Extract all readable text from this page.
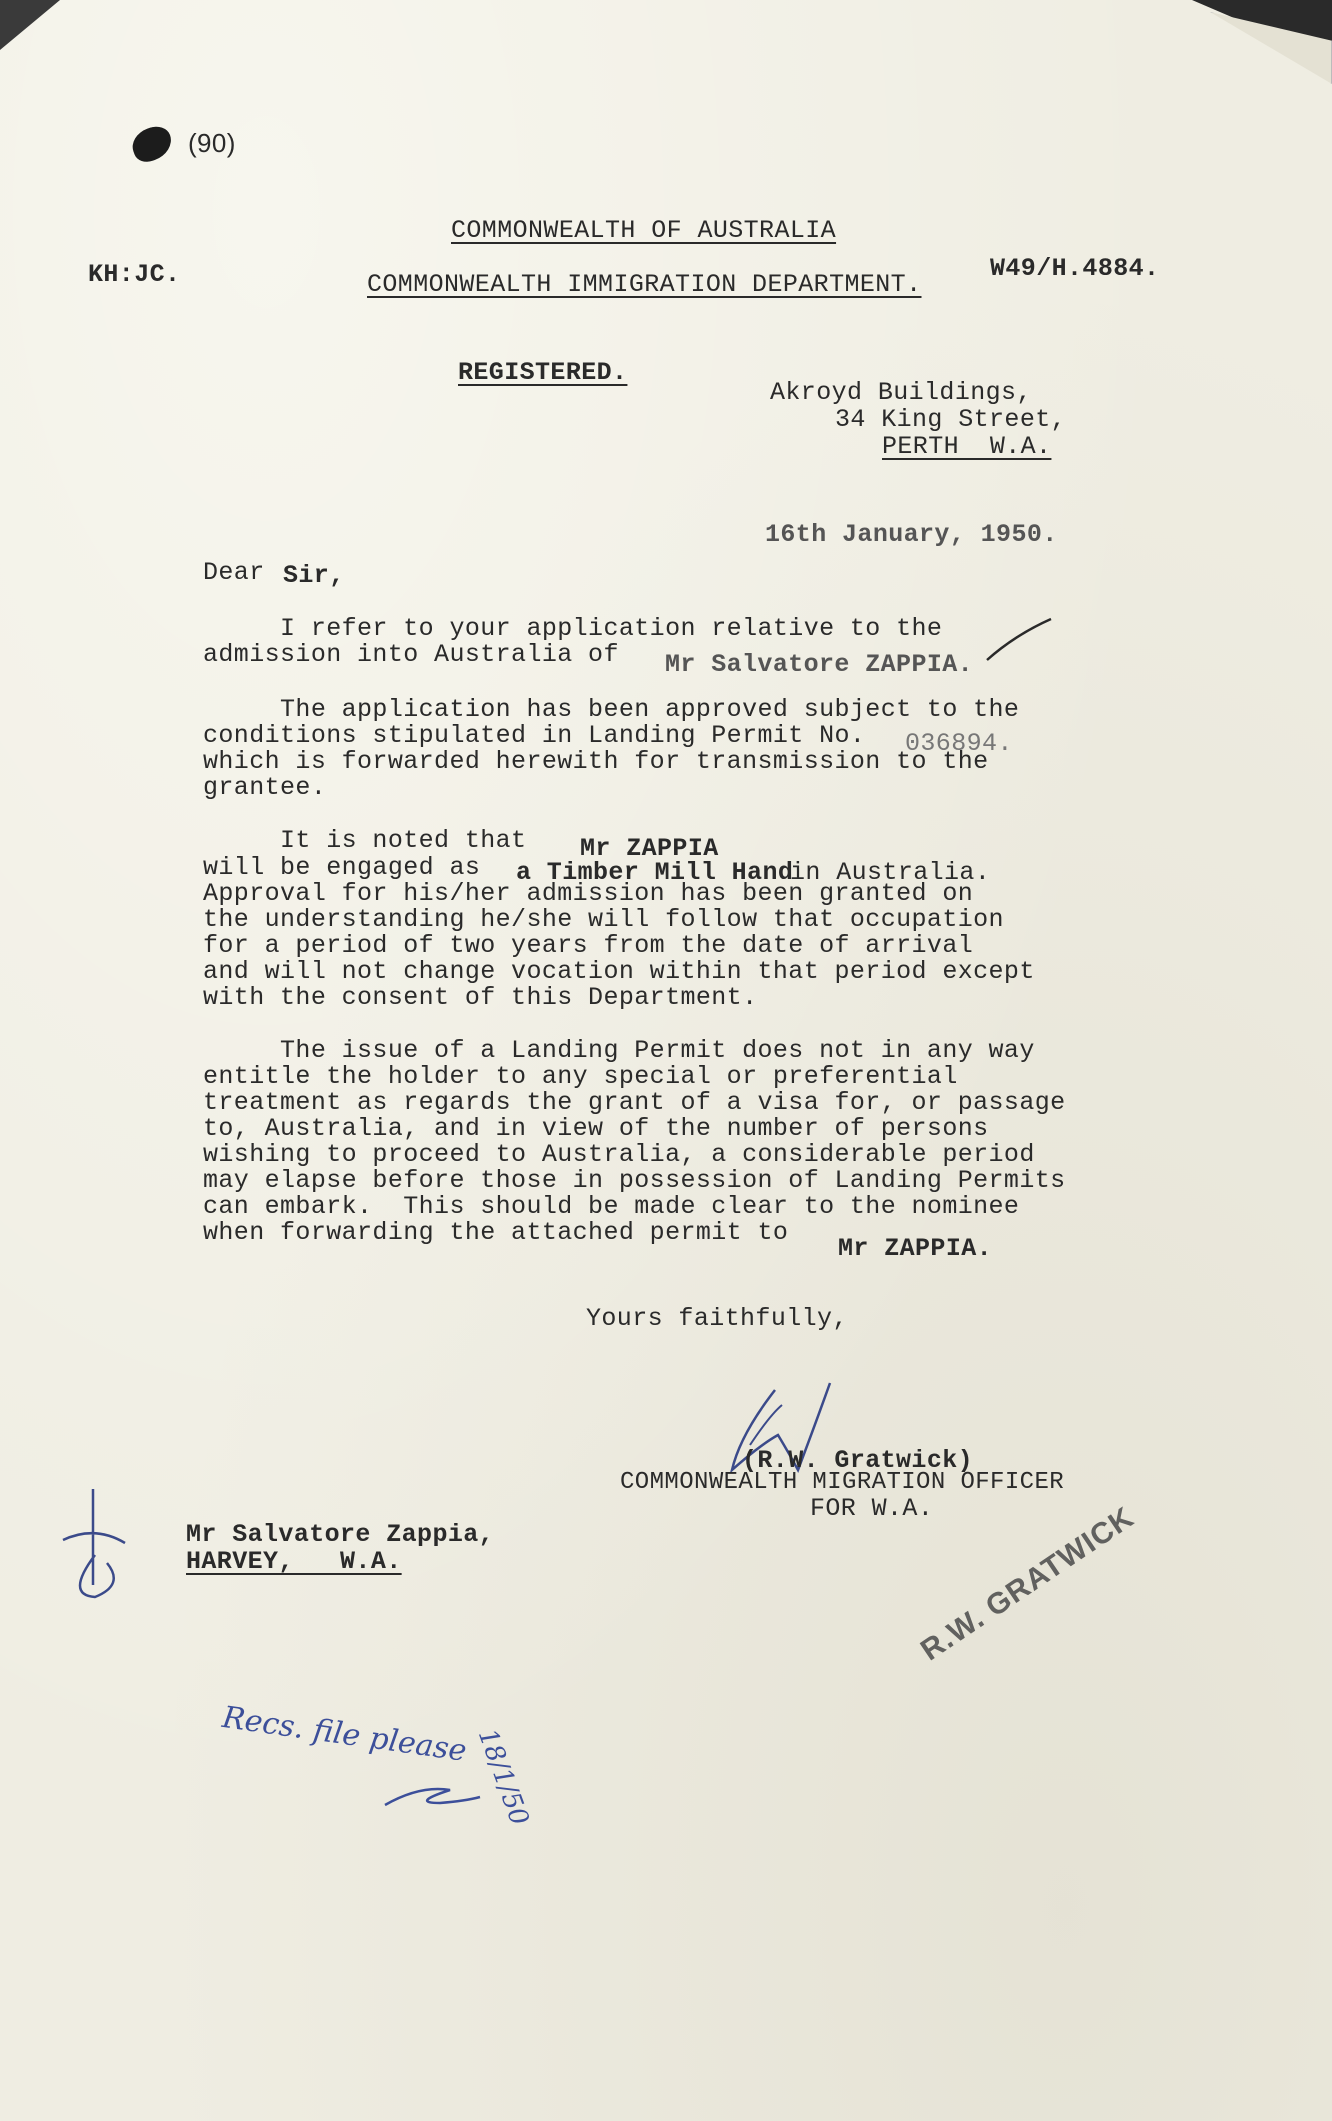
(90)
COMMONWEALTH OF AUSTRALIA
KH:JC.	COMMONWEALTH IMMIGRATION DEPARTMENT.
W49/H.4884.
REGISTERED.
Akroyd Buildings,
34 King Street,
PERTH  W.A.
16th January, 1950.
Dear Sir,
I refer to your application relative to the
admission into Australia of Mr Salvatore ZAPPIA.
The application has been approved subject to the
conditions stipulated in Landing Permit No. 036894.
which is forwarded herewith for transmission to the
grantee.
It is noted that Mr ZAPPIA
will be engaged as a Timber Mill Hand
in Australia.
Approval for his/her admission has been granted on
the understanding he/she will follow that occupation
for a period of two years from the date of arrival
and will not change vocation within that period except
with the consent of this Department.
The issue of a Landing Permit does not in any way
entitle the holder to any special or preferential
treatment as regards the grant of a visa for, or passage
to, Australia, and in view of the number of persons
wishing to proceed to Australia, a considerable period
may elapse before those in possession of Landing Permits
can embark.  This should be made clear to the nominee
when forwarding the attached permit to
Mr ZAPPIA.
Yours faithfully,
(R.W. Gratwick)
COMMONWEALTH MIGRATION OFFICER
FOR W.A.
Mr Salvatore Zappia,
HARVEY,   W.A.	R.W. GRATWICK
Recs. file please 18/1/50
